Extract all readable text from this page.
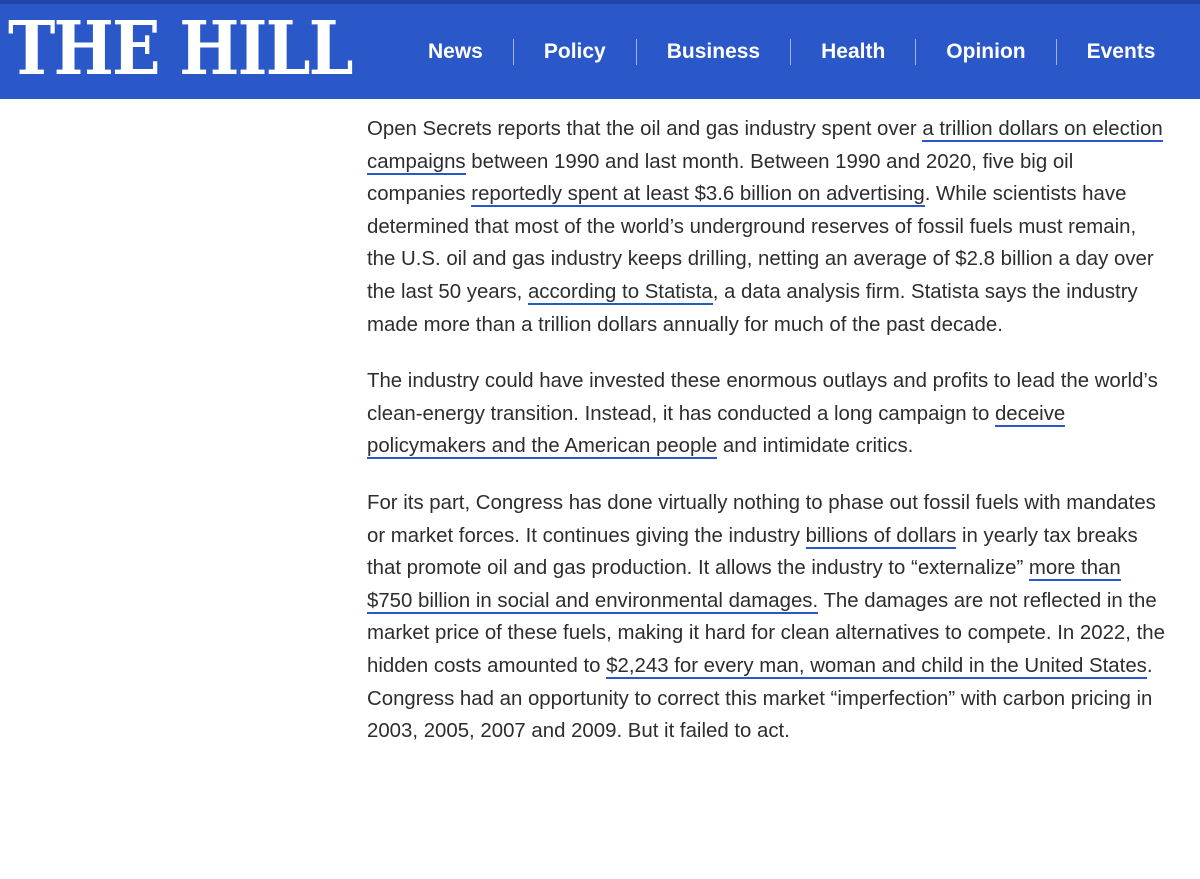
THE HILL	News	Policy	Business	Health	Opinion	Events

Open Secrets reports that the oil and gas industry spent over a trillion dollars on election campaigns between 1990 and last month. Between 1990 and 2020, five big oil companies reportedly spent at least $3.6 billion on advertising. While scientists have determined that most of the world’s underground reserves of fossil fuels must remain, the U.S. oil and gas industry keeps drilling, netting an average of $2.8 billion a day over the last 50 years, according to Statista, a data analysis firm. Statista says the industry made more than a trillion dollars annually for much of the past decade.

The industry could have invested these enormous outlays and profits to lead the world’s clean-energy transition. Instead, it has conducted a long campaign to deceive policymakers and the American people and intimidate critics.

For its part, Congress has done virtually nothing to phase out fossil fuels with mandates or market forces. It continues giving the industry billions of dollars in yearly tax breaks that promote oil and gas production. It allows the industry to “externalize” more than $750 billion in social and environmental damages. The damages are not reflected in the market price of these fuels, making it hard for clean alternatives to compete. In 2022, the hidden costs amounted to $2,243 for every man, woman and child in the United States. Congress had an opportunity to correct this market “imperfection” with carbon pricing in 2003, 2005, 2007 and 2009. But it failed to act.
